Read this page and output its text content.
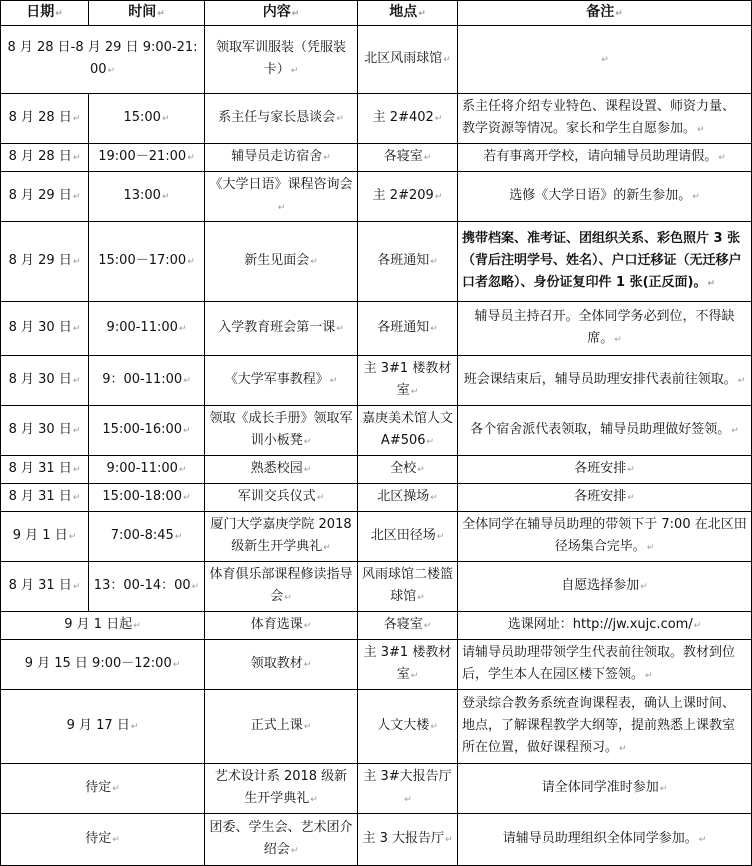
日期 ↵	时间 ↵	内容 ↵	地点 ↵	备注 ↵
8 月 28 日-8 月 29 日 9:00-21:00 ↵		领取军训服装（凭服装卡） ↵	北区风雨球馆 ↵	↵
8 月 28 日 ↵	15:00 ↵	系主任与家长恳谈会 ↵	主 2#402 ↵	系主任将介绍专业特色、课程设置、师资力量、教学资源等情况。家长和学生自愿参加。 ↵
8 月 28 日 ↵	19:00－21:00 ↵	辅导员走访宿舍 ↵	各寝室 ↵	若有事离开学校，请向辅导员助理请假。 ↵
8 月 29 日 ↵	13:00 ↵	《大学日语》课程咨询会 ↵	主 2#209 ↵	选修《大学日语》的新生参加。 ↵
8 月 29 日 ↵	15:00－17:00 ↵	新生见面会 ↵	各班通知 ↵	携带档案、准考证、团组织关系、彩色照片 3 张（背后注明学号、姓名）、户口迁移证（无迁移户口者忽略）、身份证复印件 1 张(正反面)。 ↵
8 月 30 日 ↵	9:00-11:00 ↵	入学教育班会第一课 ↵	各班通知 ↵	辅导员主持召开。全体同学务必到位，不得缺席。 ↵
8 月 30 日 ↵	9：00-11:00 ↵	《大学军事教程》 ↵	主 3#1 楼教材室 ↵	班会课结束后，辅导员助理安排代表前往领取。 ↵
8 月 30 日 ↵	15:00-16:00 ↵	领取《成长手册》领取军训小板凳 ↵	嘉庚美术馆人文 A#506 ↵	各个宿舍派代表领取，辅导员助理做好签领。 ↵
8 月 31 日 ↵	9:00-11:00 ↵	熟悉校园 ↵	全校 ↵	各班安排 ↵
8 月 31 日 ↵	15:00-18:00 ↵	军训交兵仪式 ↵	北区操场 ↵	各班安排 ↵
9 月 1 日 ↵	7:00-8:45 ↵	厦门大学嘉庚学院 2018 级新生开学典礼 ↵	北区田径场 ↵	全体同学在辅导员助理的带领下于 7:00 在北区田径场集合完毕。 ↵
8 月 31 日 ↵	13：00-14：00 ↵	体育俱乐部课程修读指导会 ↵	风雨球馆二楼篮球馆 ↵	自愿选择参加 ↵
9 月 1 日起 ↵		体育选课 ↵	各寝室 ↵	选课网址：http://jw.xujc.com/ ↵
9 月 15 日 9:00－12:00 ↵		领取教材 ↵	主 3#1 楼教材室 ↵	请辅导员助理带领学生代表前往领取。教材到位后，学生本人在园区楼下签领。 ↵
9 月 17 日 ↵		正式上课 ↵	人文大楼 ↵	登录综合教务系统查询课程表，确认上课时间、地点，了解课程教学大纲等，提前熟悉上课教室所在位置，做好课程预习。 ↵
待定 ↵		艺术设计系 2018 级新生开学典礼 ↵	主 3#大报告厅 ↵	请全体同学准时参加 ↵
待定 ↵		团委、学生会、艺术团介绍会 ↵	主 3 大报告厅 ↵	请辅导员助理组织全体同学参加。 ↵
